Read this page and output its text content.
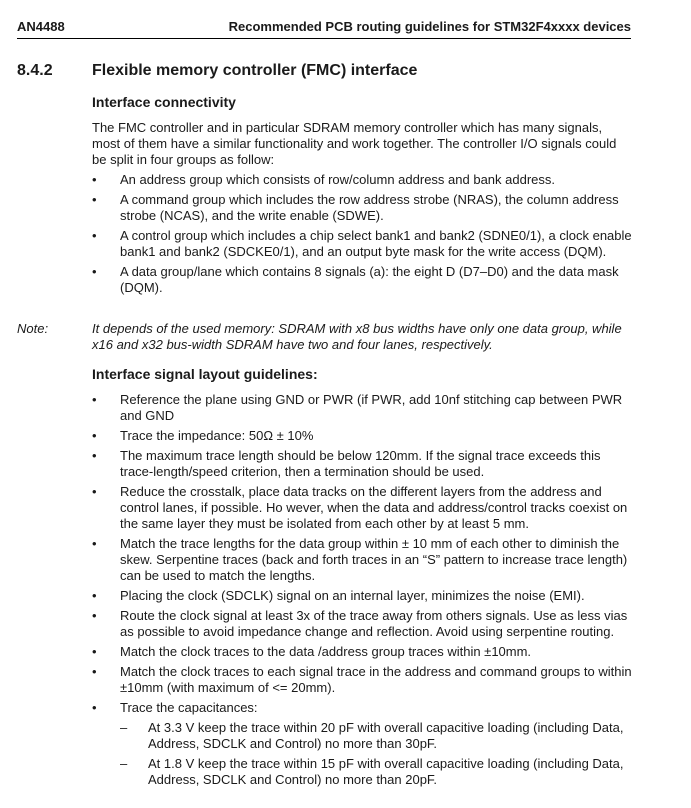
AN4488	Recommended PCB routing guidelines for STM32F4xxxx devices
8.4.2 Flexible memory controller (FMC) interface
Interface connectivity
The FMC controller and in particular SDRAM memory controller which has many signals, most of them have a similar functionality and work together. The controller I/O signals could be split in four groups as follow:
• An address group which consists of row/column address and bank address.
• A command group which includes the row address strobe (NRAS), the column address strobe (NCAS), and the write enable (SDWE).
• A control group which includes a chip select bank1 and bank2 (SDNE0/1), a clock enable bank1 and bank2 (SDCKE0/1), and an output byte mask for the write access (DQM).
• A data group/lane which contains 8 signals (a): the eight D (D7–D0) and the data mask (DQM).
Note:	It depends of the used memory: SDRAM with x8 bus widths have only one data group, while x16 and x32 bus-width SDRAM have two and four lanes, respectively.
Interface signal layout guidelines:
• Reference the plane using GND or PWR (if PWR, add 10nf stitching cap between PWR and GND
• Trace the impedance: 50Ω ± 10%
• The maximum trace length should be below 120mm. If the signal trace exceeds this trace-length/speed criterion, then a termination should be used.
• Reduce the crosstalk, place data tracks on the different layers from the address and control lanes, if possible. Ho wever, when the data and address/control tracks coexist on the same layer they must be isolated from each other by at least 5 mm.
• Match the trace lengths for the data group within ± 10 mm of each other to diminish the skew. Serpentine traces (back and forth traces in an “S” pattern to increase trace length) can be used to match the lengths.
• Placing the clock (SDCLK) signal on an internal layer, minimizes the noise (EMI).
• Route the clock signal at least 3x of the trace away from others signals. Use as less vias as possible to avoid impedance change and reflection. Avoid using serpentine routing.
• Match the clock traces to the data /address group traces within ±10mm.
• Match the clock traces to each signal trace in the address and command groups to within ±10mm (with maximum of <= 20mm).
• Trace the capacitances:
– At 3.3 V keep the trace within 20 pF with overall capacitive loading (including Data, Address, SDCLK and Control) no more than 30pF.
– At 1.8 V keep the trace within 15 pF with overall capacitive loading (including Data, Address, SDCLK and Control) no more than 20pF.
